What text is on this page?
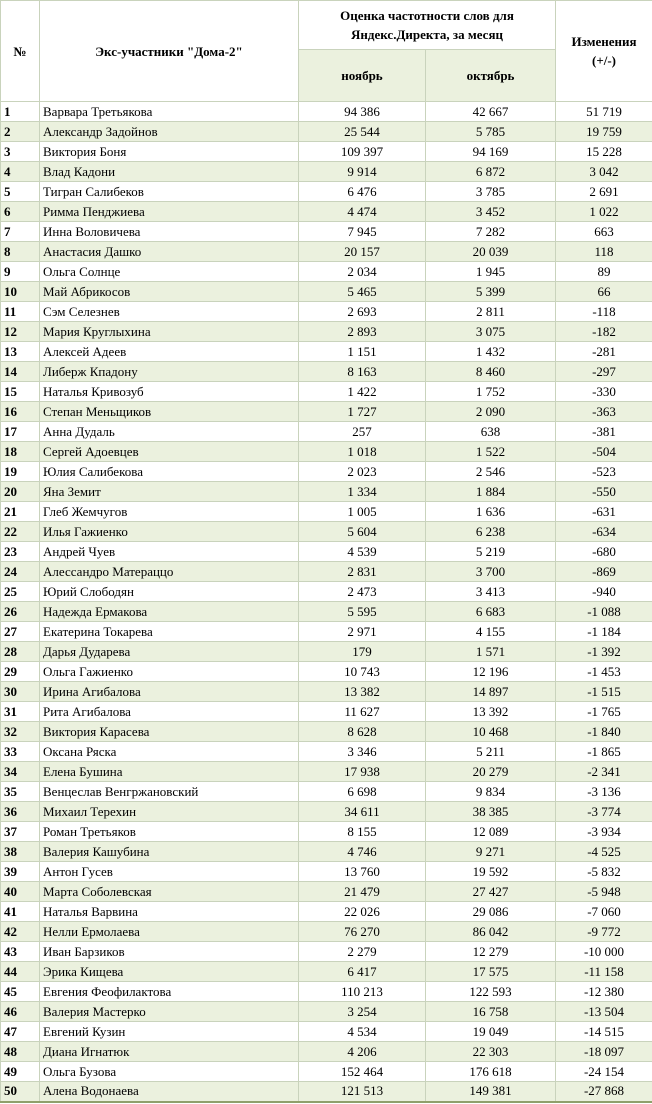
№	Экс-участники "Дома-2"	Оценка частотности слов для Яндекс.Директа, за месяц		Изменения (+/-)
		ноябрь	октябрь	
1	Варвара Третьякова	94 386	42 667	51 719
2	Александр Задойнов	25 544	5 785	19 759
3	Виктория Боня	109 397	94 169	15 228
4	Влад Кадони	9 914	6 872	3 042
5	Тигран Салибеков	6 476	3 785	2 691
6	Римма Пенджиева	4 474	3 452	1 022
7	Инна Воловичева	7 945	7 282	663
8	Анастасия Дашко	20 157	20 039	118
9	Ольга Солнце	2 034	1 945	89
10	Май Абрикосов	5 465	5 399	66
11	Сэм Селезнев	2 693	2 811	-118
12	Мария Круглыхина	2 893	3 075	-182
13	Алексей Адеев	1 151	1 432	-281
14	Либерж Кпадону	8 163	8 460	-297
15	Наталья Кривозуб	1 422	1 752	-330
16	Степан Меньщиков	1 727	2 090	-363
17	Анна Дудаль	257	638	-381
18	Сергей Адоевцев	1 018	1 522	-504
19	Юлия Салибекова	2 023	2 546	-523
20	Яна Земит	1 334	1 884	-550
21	Глеб Жемчугов	1 005	1 636	-631
22	Илья Гажиенко	5 604	6 238	-634
23	Андрей Чуев	4 539	5 219	-680
24	Алессандро Матераццо	2 831	3 700	-869
25	Юрий Слободян	2 473	3 413	-940
26	Надежда Ермакова	5 595	6 683	-1 088
27	Екатерина Токарева	2 971	4 155	-1 184
28	Дарья Дударева	179	1 571	-1 392
29	Ольга Гажиенко	10 743	12 196	-1 453
30	Ирина Агибалова	13 382	14 897	-1 515
31	Рита Агибалова	11 627	13 392	-1 765
32	Виктория Карасева	8 628	10 468	-1 840
33	Оксана Ряска	3 346	5 211	-1 865
34	Елена Бушина	17 938	20 279	-2 341
35	Венцеслав Венгржановский	6 698	9 834	-3 136
36	Михаил Терехин	34 611	38 385	-3 774
37	Роман Третьяков	8 155	12 089	-3 934
38	Валерия Кашубина	4 746	9 271	-4 525
39	Антон Гусев	13 760	19 592	-5 832
40	Марта Соболевская	21 479	27 427	-5 948
41	Наталья Варвина	22 026	29 086	-7 060
42	Нелли Ермолаева	76 270	86 042	-9 772
43	Иван Барзиков	2 279	12 279	-10 000
44	Эрика Кищева	6 417	17 575	-11 158
45	Евгения Феофилактова	110 213	122 593	-12 380
46	Валерия Мастерко	3 254	16 758	-13 504
47	Евгений Кузин	4 534	19 049	-14 515
48	Диана Игнатюк	4 206	22 303	-18 097
49	Ольга Бузова	152 464	176 618	-24 154
50	Алена Водонаева	121 513	149 381	-27 868
